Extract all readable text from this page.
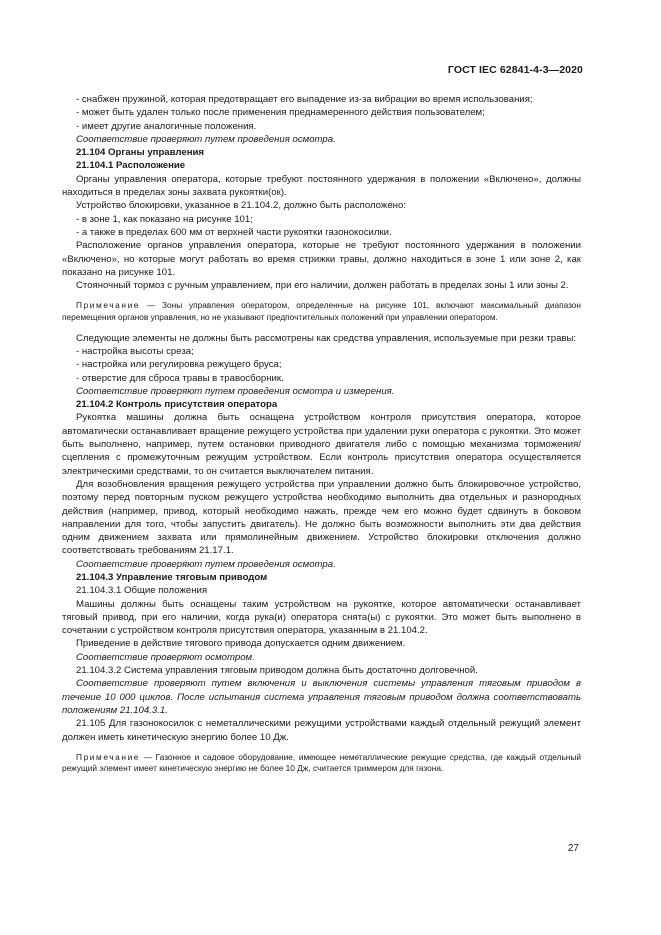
ГОСТ IEC 62841-4-3—2020

- снабжен пружиной, которая предотвращает его выпадение из-за вибрации во время использования;

- может быть удален только после применения преднамеренного действия пользователем;

- имеет другие аналогичные положения.

Соответствие проверяют путем проведения осмотра.

21.104 Органы управления

21.104.1 Расположение

Органы управления оператора, которые требуют постоянного удержания в положении «Включено», должны находиться в пределах зоны захвата рукоятки(ок).

Устройство блокировки, указанное в 21.104.2, должно быть расположено:

- в зоне 1, как показано на рисунке 101;

- а также в пределах 600 мм от верхней части рукоятки газонокосилки.

Расположение органов управления оператора, которые не требуют постоянного удержания в положении «Включено», но которые могут работать во время стрижки травы, должно находиться в зоне 1 или зоне 2, как показано на рисунке 101.

Стояночный тормоз с ручным управлением, при его наличии, должен работать в пределах зоны 1 или зоны 2.

Примечание — Зоны управления оператором, определенные на рисунке 101, включают максимальный диапазон перемещения органов управления, но не указывают предпочтительных положений при управлении оператором.

Следующие элементы не должны быть рассмотрены как средства управления, используемые при резки травы:

- настройка высоты среза;

- настройка или регулировка режущего бруса;

- отверстие для сброса травы в травосборник.

Соответствие проверяют путем проведения осмотра и измерения.

21.104.2 Контроль присутствия оператора

Рукоятка машины должна быть оснащена устройством контроля присутствия оператора, которое автоматически останавливает вращение режущего устройства при удалении руки оператора с рукоятки. Это может быть выполнено, например, путем остановки приводного двигателя либо с помощью механизма торможения/сцепления с промежуточным режущим устройством. Если контроль присутствия оператора осуществляется электрическими средствами, то он считается выключателем питания.

Для возобновления вращения режущего устройства при управлении должно быть блокировочное устройство, поэтому перед повторным пуском режущего устройства необходимо выполнить два отдельных и разнородных действия (например, привод, который необходимо нажать, прежде чем его можно будет сдвинуть в боковом направлении для того, чтобы запустить двигатель). Не должно быть возможности выполнить эти два действия одним движением захвата или прямолинейным движением. Устройство блокировки отключения должно соответствовать требованиям 21.17.1.

Соответствие проверяют путем проведения осмотра.

21.104.3 Управление тяговым приводом

21.104.3.1 Общие положения

Машины должны быть оснащены таким устройством на рукоятке, которое автоматически останавливает тяговый привод, при его наличии, когда рука(и) оператора снята(ы) с рукоятки. Это может быть выполнено в сочетании с устройством контроля присутствия оператора, указанным в 21.104.2.

Приведение в действие тягового привода допускается одним движением.

Соответствие проверяют осмотром.

21.104.3.2 Система управления тяговым приводом должна быть достаточно долговечной.

Соответствие проверяют путем включения и выключения системы управления тяговым приводом в течение 10 000 циклов. После испытания система управления тяговым приводом должна соответствовать положениям 21.104.3.1.

21.105 Для газонокосилок с неметаллическими режущими устройствами каждый отдельный режущий элемент должен иметь кинетическую энергию более 10 Дж.

Примечание — Газонное и садовое оборудование, имеющее неметаллические режущие средства, где каждый отдельный режущий элемент имеет кинетическую энергию не более 10 Дж, считается триммером для газона.

27
